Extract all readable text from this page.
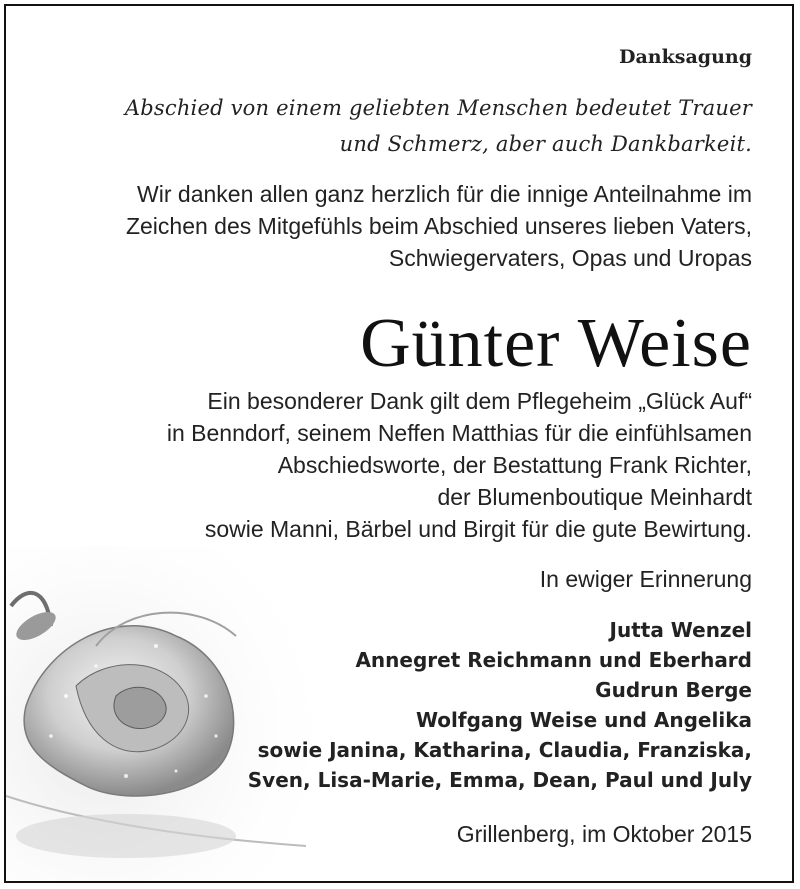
Danksagung
Abschied von einem geliebten Menschen bedeutet Trauer
und Schmerz, aber auch Dankbarkeit.
Wir danken allen ganz herzlich für die innige Anteilnahme im
Zeichen des Mitgefühls beim Abschied unseres lieben Vaters,
Schwiegervaters, Opas und Uropas
Günter Weise
Ein besonderer Dank gilt dem Pflegeheim „Glück Auf“
in Benndorf, seinem Neffen Matthias für die einfühlsamen
Abschiedsworte, der Bestattung Frank Richter,
der Blumenboutique Meinhardt
sowie Manni, Bärbel und Birgit für die gute Bewirtung.
In ewiger Erinnerung
Jutta Wenzel
Annegret Reichmann und Eberhard
Gudrun Berge
Wolfgang Weise und Angelika
sowie Janina, Katharina, Claudia, Franziska,
Sven, Lisa-Marie, Emma, Dean, Paul und July
Grillenberg, im Oktober 2015
